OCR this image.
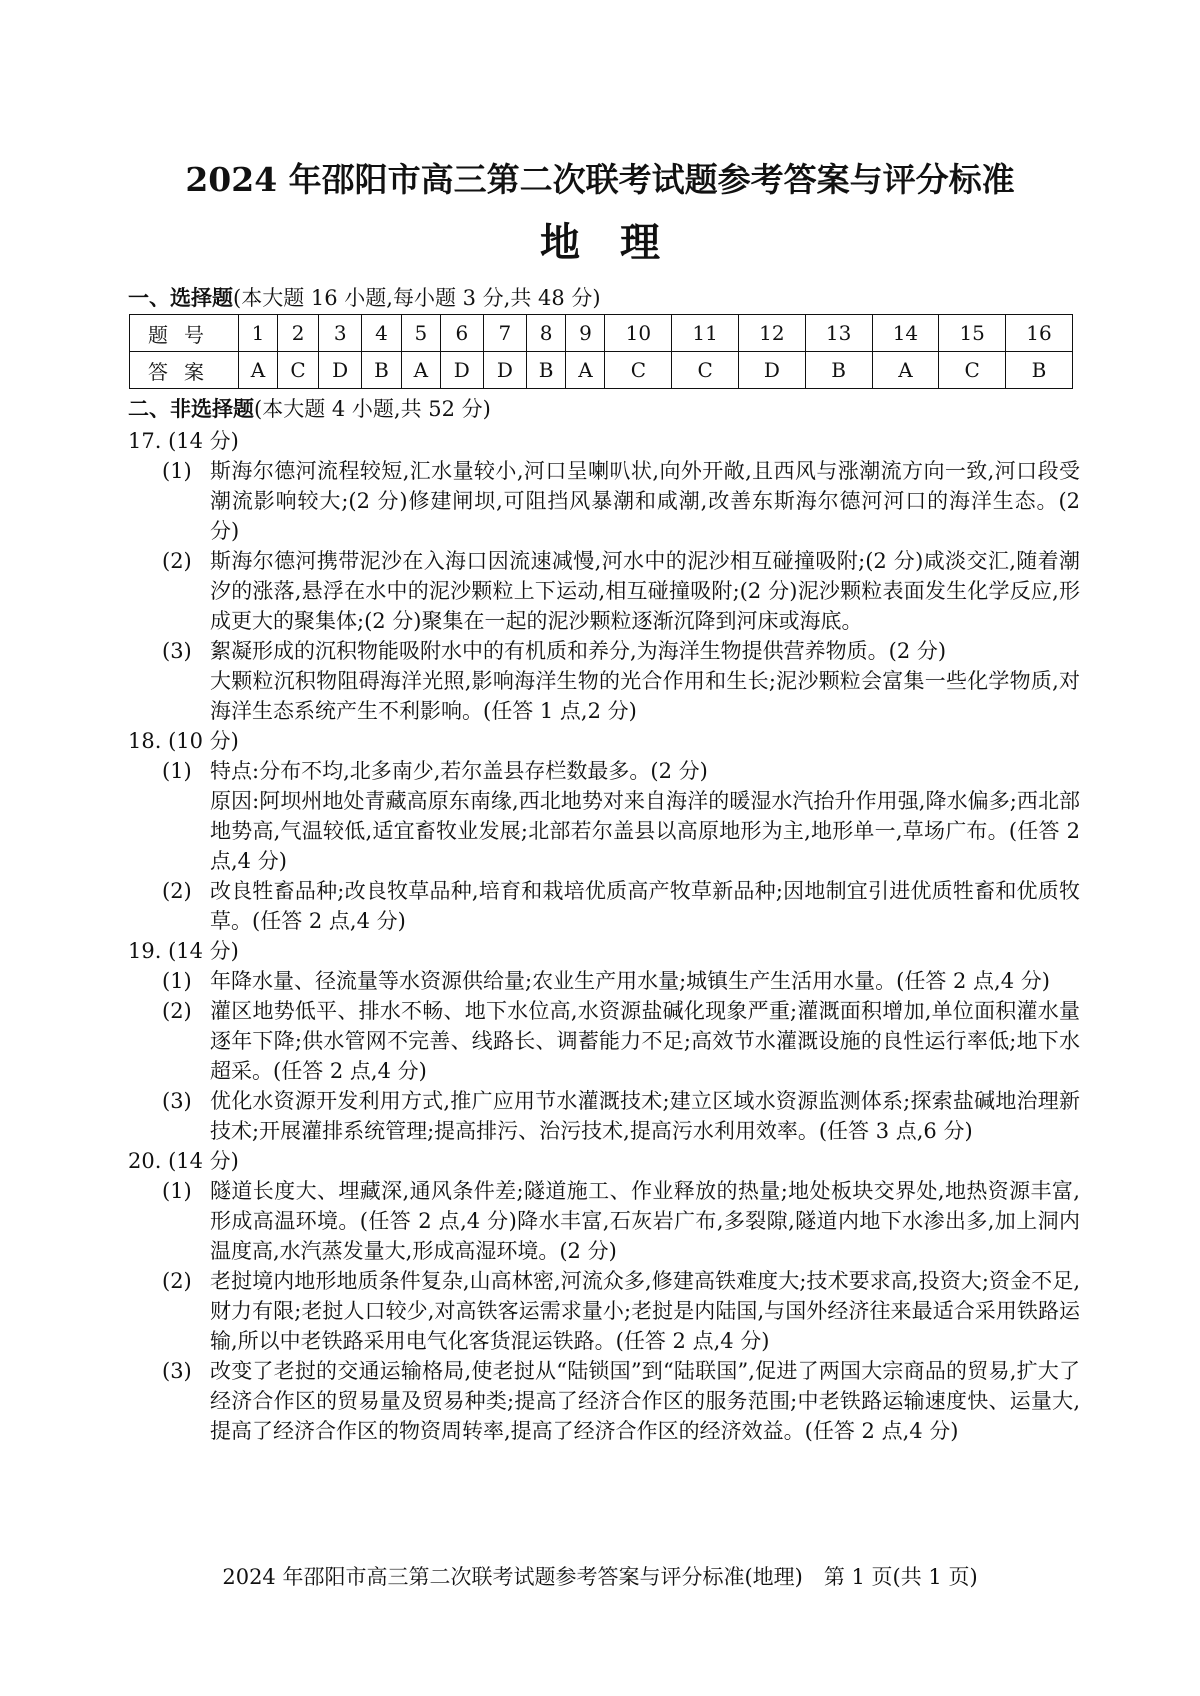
2024 年邵阳市高三第二次联考试题参考答案与评分标准
地　理
一、选择题(本大题 16 小题,每小题 3 分,共 48 分)
题号	1	2	3	4	5	6	7	8	9	10	11	12	13	14	15	16
答案	A	C	D	B	A	D	D	B	A	C	C	D	B	A	C	B
二、非选择题(本大题 4 小题,共 52 分)
17. (14 分)
(1) 斯海尔德河流程较短,汇水量较小,河口呈喇叭状,向外开敞,且西风与涨潮流方向一致,河口段受潮流影响较大;(2 分)修建闸坝,可阻挡风暴潮和咸潮,改善东斯海尔德河河口的海洋生态。(2 分)

(2) 斯海尔德河携带泥沙在入海口因流速减慢,河水中的泥沙相互碰撞吸附;(2 分)咸淡交汇,随着潮汐的涨落,悬浮在水中的泥沙颗粒上下运动,相互碰撞吸附;(2 分)泥沙颗粒表面发生化学反应,形成更大的聚集体;(2 分)聚集在一起的泥沙颗粒逐渐沉降到河床或海底。

(3) 絮凝形成的沉积物能吸附水中的有机质和养分,为海洋生物提供营养物质。(2 分)

大颗粒沉积物阻碍海洋光照,影响海洋生物的光合作用和生长;泥沙颗粒会富集一些化学物质,对海洋生态系统产生不利影响。(任答 1 点,2 分)

18. (10 分)
(1) 特点:分布不均,北多南少,若尔盖县存栏数最多。(2 分)

原因:阿坝州地处青藏高原东南缘,西北地势对来自海洋的暖湿水汽抬升作用强,降水偏多;西北部地势高,气温较低,适宜畜牧业发展;北部若尔盖县以高原地形为主,地形单一,草场广布。(任答 2 点,4 分)

(2) 改良牲畜品种;改良牧草品种,培育和栽培优质高产牧草新品种;因地制宜引进优质牲畜和优质牧草。(任答 2 点,4 分)

19. (14 分)
(1) 年降水量、径流量等水资源供给量;农业生产用水量;城镇生产生活用水量。(任答 2 点,4 分)

(2) 灌区地势低平、排水不畅、地下水位高,水资源盐碱化现象严重;灌溉面积增加,单位面积灌水量逐年下降;供水管网不完善、线路长、调蓄能力不足;高效节水灌溉设施的良性运行率低;地下水超采。(任答 2 点,4 分)

(3) 优化水资源开发利用方式,推广应用节水灌溉技术;建立区域水资源监测体系;探索盐碱地治理新技术;开展灌排系统管理;提高排污、治污技术,提高污水利用效率。(任答 3 点,6 分)

20. (14 分)
(1) 隧道长度大、埋藏深,通风条件差;隧道施工、作业释放的热量;地处板块交界处,地热资源丰富,形成高温环境。(任答 2 点,4 分)降水丰富,石灰岩广布,多裂隙,隧道内地下水渗出多,加上洞内温度高,水汽蒸发量大,形成高湿环境。(2 分)

(2) 老挝境内地形地质条件复杂,山高林密,河流众多,修建高铁难度大;技术要求高,投资大;资金不足,财力有限;老挝人口较少,对高铁客运需求量小;老挝是内陆国,与国外经济往来最适合采用铁路运输,所以中老铁路采用电气化客货混运铁路。(任答 2 点,4 分)

(3) 改变了老挝的交通运输格局,使老挝从“陆锁国”到“陆联国”,促进了两国大宗商品的贸易,扩大了经济合作区的贸易量及贸易种类;提高了经济合作区的服务范围;中老铁路运输速度快、运量大,提高了经济合作区的物资周转率,提高了经济合作区的经济效益。(任答 2 点,4 分)

2024 年邵阳市高三第二次联考试题参考答案与评分标准(地理)　第 1 页(共 1 页)
